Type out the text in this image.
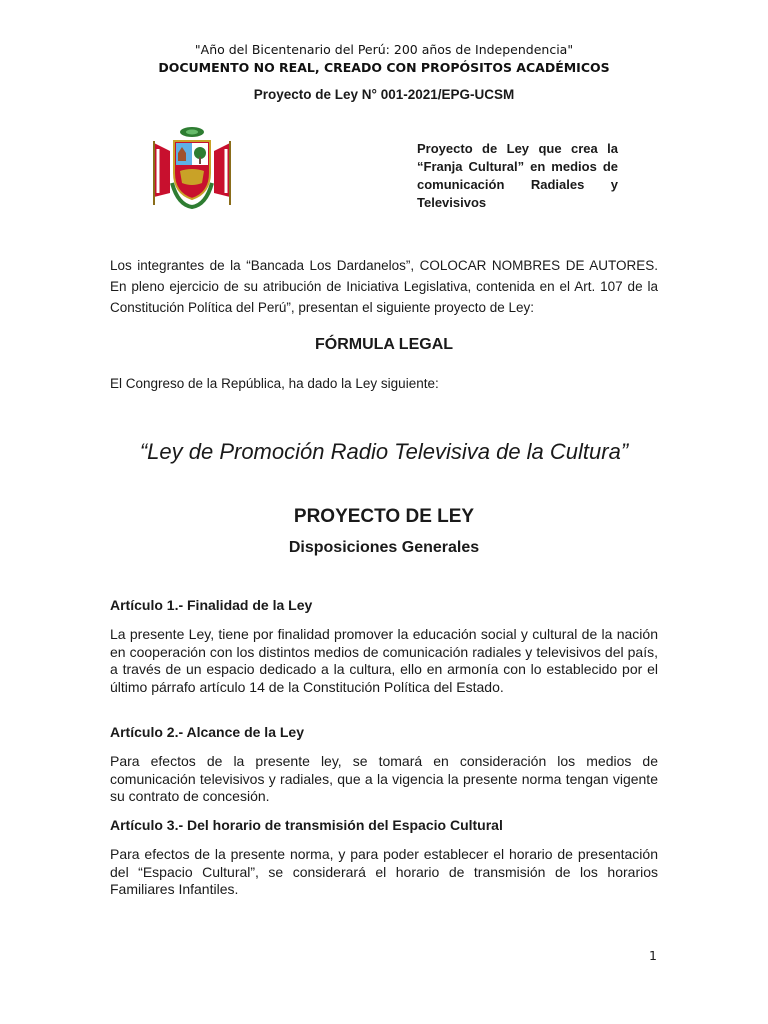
"Año del Bicentenario del Perú: 200 años de Independencia"
DOCUMENTO NO REAL, CREADO CON PROPÓSITOS ACADÉMICOS
Proyecto de Ley N° 001-2021/EPG-UCSM
Proyecto de Ley que crea la “Franja Cultural” en medios de comunicación Radiales y Televisivos
Los integrantes de la “Bancada Los Dardanelos”, COLOCAR NOMBRES DE AUTORES. En pleno ejercicio de su atribución de Iniciativa Legislativa, contenida en el Art. 107 de la Constitución Política del Perú”, presentan el siguiente proyecto de Ley:
FÓRMULA LEGAL
El Congreso de la República, ha dado la Ley siguiente:
“Ley de Promoción Radio Televisiva de la Cultura”
PROYECTO DE LEY
Disposiciones Generales
Artículo 1.- Finalidad de la Ley
La presente Ley, tiene por finalidad promover la educación social y cultural de la nación en cooperación con los distintos medios de comunicación radiales y televisivos del país, a través de un espacio dedicado a la cultura, ello en armonía con lo establecido por el último párrafo artículo 14 de la Constitución Política del Estado.
Artículo 2.- Alcance de la Ley
Para efectos de la presente ley, se tomará en consideración los medios de comunicación televisivos y radiales, que a la vigencia la presente norma tengan vigente su contrato de concesión.
Artículo 3.- Del horario de transmisión del Espacio Cultural
Para efectos de la presente norma, y para poder establecer el horario de presentación del “Espacio Cultural”, se considerará el horario de transmisión de los horarios Familiares Infantiles.
1
